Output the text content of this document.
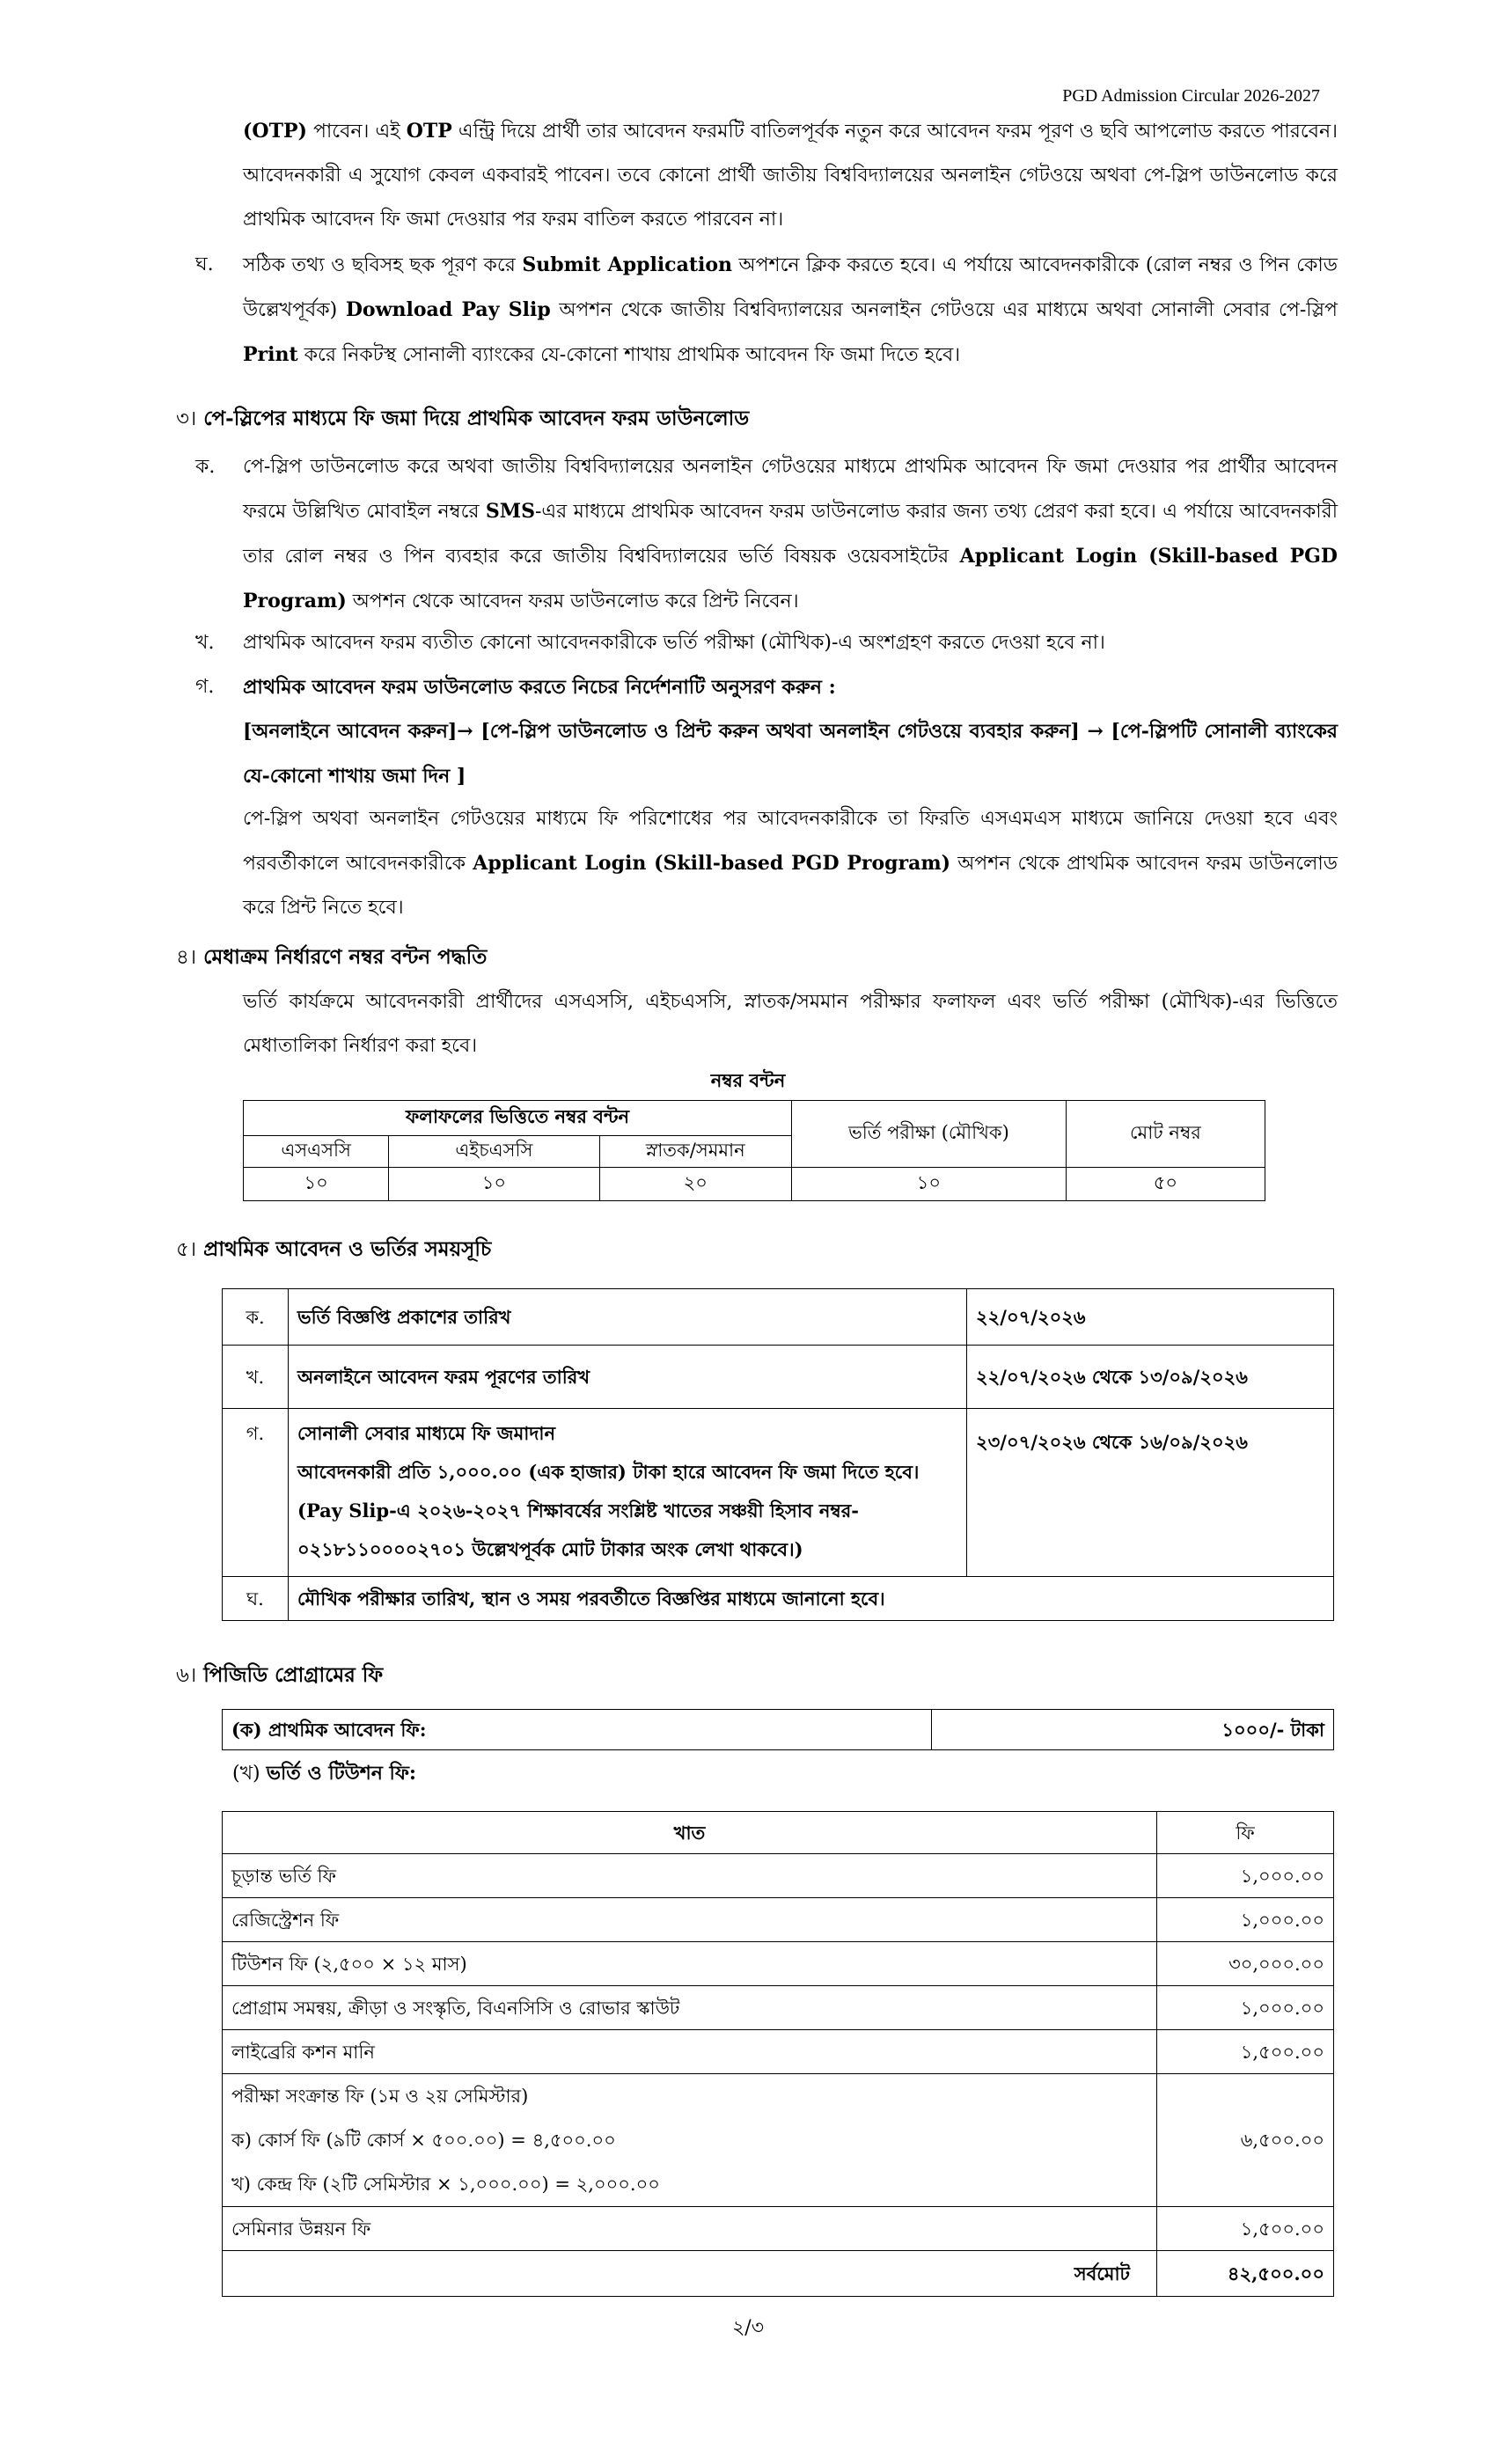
PGD Admission Circular 2026-2027
(OTP) পাবেন। এই OTP এন্ট্রি দিয়ে প্রার্থী তার আবেদন ফরমটি বাতিলপূর্বক নতুন করে আবেদন ফরম পূরণ ও ছবি আপলোড করতে পারবেন। আবেদনকারী এ সুযোগ কেবল একবারই পাবেন। তবে কোনো প্রার্থী জাতীয় বিশ্ববিদ্যালয়ের অনলাইন গেটওয়ে অথবা পে-স্লিপ ডাউনলোড করে প্রাথমিক আবেদন ফি জমা দেওয়ার পর ফরম বাতিল করতে পারবেন না।
ঘ. সঠিক তথ্য ও ছবিসহ ছক পূরণ করে Submit Application অপশনে ক্লিক করতে হবে। এ পর্যায়ে আবেদনকারীকে (রোল নম্বর ও পিন কোড উল্লেখপূর্বক) Download Pay Slip অপশন থেকে জাতীয় বিশ্ববিদ্যালয়ের অনলাইন গেটওয়ে এর মাধ্যমে অথবা সোনালী সেবার পে-স্লিপ Print করে নিকটস্থ সোনালী ব্যাংকের যে-কোনো শাখায় প্রাথমিক আবেদন ফি জমা দিতে হবে।
৩। পে-স্লিপের মাধ্যমে ফি জমা দিয়ে প্রাথমিক আবেদন ফরম ডাউনলোড
ক. পে-স্লিপ ডাউনলোড করে অথবা জাতীয় বিশ্ববিদ্যালয়ের অনলাইন গেটওয়ের মাধ্যমে প্রাথমিক আবেদন ফি জমা দেওয়ার পর প্রার্থীর আবেদন ফরমে উল্লিখিত মোবাইল নম্বরে SMS-এর মাধ্যমে প্রাথমিক আবেদন ফরম ডাউনলোড করার জন্য তথ্য প্রেরণ করা হবে। এ পর্যায়ে আবেদনকারী তার রোল নম্বর ও পিন ব্যবহার করে জাতীয় বিশ্ববিদ্যালয়ের ভর্তি বিষয়ক ওয়েবসাইটের Applicant Login (Skill-based PGD Program) অপশন থেকে আবেদন ফরম ডাউনলোড করে প্রিন্ট নিবেন।
খ. প্রাথমিক আবেদন ফরম ব্যতীত কোনো আবেদনকারীকে ভর্তি পরীক্ষা (মৌখিক)-এ অংশগ্রহণ করতে দেওয়া হবে না।
গ. প্রাথমিক আবেদন ফরম ডাউনলোড করতে নিচের নির্দেশনাটি অনুসরণ করুন :
[অনলাইনে আবেদন করুন]→ [পে-স্লিপ ডাউনলোড ও প্রিন্ট করুন অথবা অনলাইন গেটওয়ে ব্যবহার করুন] → [পে-স্লিপটি সোনালী ব্যাংকের যে-কোনো শাখায় জমা দিন ]
পে-স্লিপ অথবা অনলাইন গেটওয়ের মাধ্যমে ফি পরিশোধের পর আবেদনকারীকে তা ফিরতি এসএমএস মাধ্যমে জানিয়ে দেওয়া হবে এবং পরবর্তীকালে আবেদনকারীকে Applicant Login (Skill-based PGD Program) অপশন থেকে প্রাথমিক আবেদন ফরম ডাউনলোড করে প্রিন্ট নিতে হবে।
৪। মেধাক্রম নির্ধারণে নম্বর বন্টন পদ্ধতি
ভর্তি কার্যক্রমে আবেদনকারী প্রার্থীদের এসএসসি, এইচএসসি, স্নাতক/সমমান পরীক্ষার ফলাফল এবং ভর্তি পরীক্ষা (মৌখিক)-এর ভিত্তিতে মেধাতালিকা নির্ধারণ করা হবে।
নম্বর বন্টন
ফলাফলের ভিত্তিতে নম্বর বন্টন			ভর্তি পরীক্ষা (মৌখিক)	মোট নম্বর
এসএসসি	এইচএসসি	স্নাতক/সমমান		
১০	১০	২০	১০	৫০
৫। প্রাথমিক আবেদন ও ভর্তির সময়সূচি
ক.	ভর্তি বিজ্ঞপ্তি প্রকাশের তারিখ	২২/০৭/২০২৬
খ.	অনলাইনে আবেদন ফরম পূরণের তারিখ	২২/০৭/২০২৬ থেকে ১৩/০৯/২০২৬
গ.	সোনালী সেবার মাধ্যমে ফি জমাদান
আবেদনকারী প্রতি ১,০০০.০০ (এক হাজার) টাকা হারে আবেদন ফি জমা দিতে হবে। (Pay Slip-এ ২০২৬-২০২৭ শিক্ষাবর্ষের সংশ্লিষ্ট খাতের সঞ্চয়ী হিসাব নম্বর- ০২১৮১১০০০০২৭০১ উল্লেখপূর্বক মোট টাকার অংক লেখা থাকবে।)	২৩/০৭/২০২৬ থেকে ১৬/০৯/২০২৬
ঘ.	মৌখিক পরীক্ষার তারিখ, স্থান ও সময় পরবর্তীতে বিজ্ঞপ্তির মাধ্যমে জানানো হবে।	
৬। পিজিডি প্রোগ্রামের ফি
(ক) প্রাথমিক আবেদন ফি:	১০০০/- টাকা
(খ) ভর্তি ও টিউশন ফি:
খাত	ফি
চূড়ান্ত ভর্তি ফি	১,০০০.০০
রেজিস্ট্রেশন ফি	১,০০০.০০
টিউশন ফি (২,৫০০ × ১২ মাস)	৩০,০০০.০০
প্রোগ্রাম সমন্বয়, ক্রীড়া ও সংস্কৃতি, বিএনসিসি ও রোভার স্কাউট	১,০০০.০০
লাইব্রেরি কশন মানি	১,৫০০.০০
পরীক্ষা সংক্রান্ত ফি (১ম ও ২য় সেমিস্টার)
ক) কোর্স ফি (৯টি কোর্স × ৫০০.০০) = ৪,৫০০.০০
খ) কেন্দ্র ফি (২টি সেমিস্টার × ১,০০০.০০) = ২,০০০.০০	৬,৫০০.০০
সেমিনার উন্নয়ন ফি	১,৫০০.০০
সর্বমোট	৪২,৫০০.০০
২/৩
